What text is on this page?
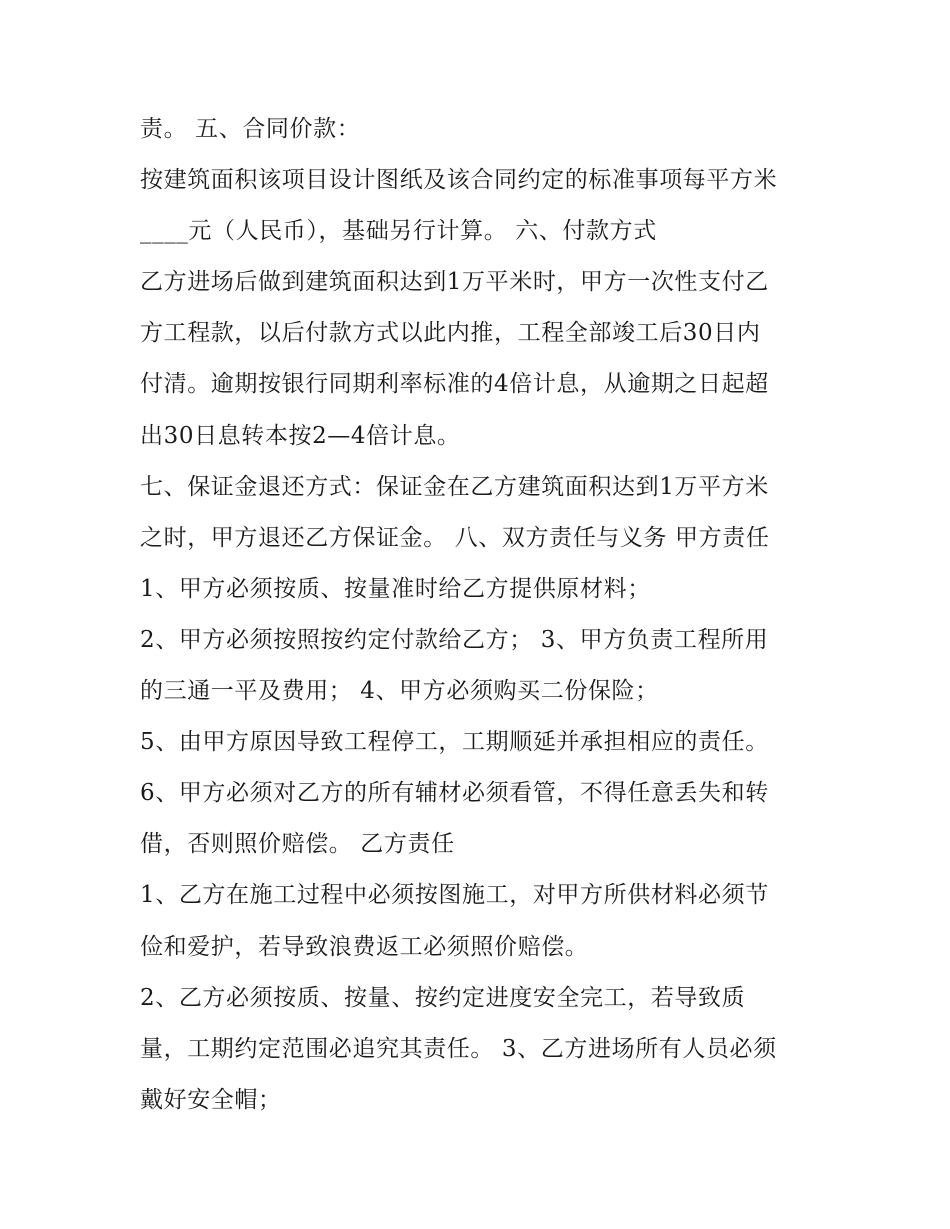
责。 五、合同价款：
按建筑面积该项目设计图纸及该合同约定的标准事项每平方米
____元（人民币），基础另行计算。 六、付款方式
乙方进场后做到建筑面积达到1万平米时，甲方一次性支付乙
方工程款，以后付款方式以此内推，工程全部竣工后30日内
付清。逾期按银行同期利率标准的4倍计息，从逾期之日起超
出30日息转本按2—4倍计息。
七、保证金退还方式：保证金在乙方建筑面积达到1万平方米
之时，甲方退还乙方保证金。 八、双方责任与义务 甲方责任
1、甲方必须按质、按量准时给乙方提供原材料；
2、甲方必须按照按约定付款给乙方； 3、甲方负责工程所用
的三通一平及费用； 4、甲方必须购买二份保险；
5、由甲方原因导致工程停工，工期顺延并承担相应的责任。
6、甲方必须对乙方的所有辅材必须看管，不得任意丢失和转
借，否则照价赔偿。 乙方责任
1、乙方在施工过程中必须按图施工，对甲方所供材料必须节
俭和爱护，若导致浪费返工必须照价赔偿。
2、乙方必须按质、按量、按约定进度安全完工，若导致质
量，工期约定范围必追究其责任。 3、乙方进场所有人员必须
戴好安全帽；
